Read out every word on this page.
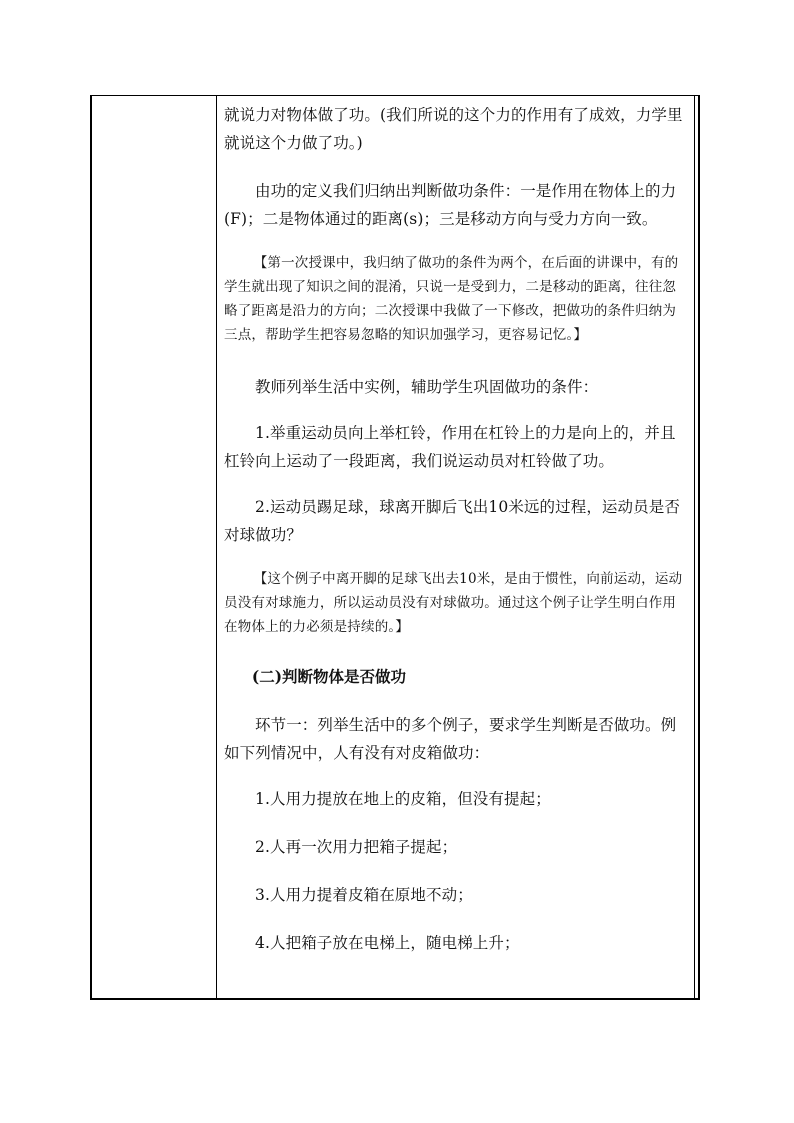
就说力对物体做了功。(我们所说的这个力的作用有了成效，力学里就说这个力做了功。)

由功的定义我们归纳出判断做功条件：一是作用在物体上的力(F)；二是物体通过的距离(s)；三是移动方向与受力方向一致。

【第一次授课中，我归纳了做功的条件为两个，在后面的讲课中，有的学生就出现了知识之间的混淆，只说一是受到力，二是移动的距离，往往忽略了距离是沿力的方向；二次授课中我做了一下修改，把做功的条件归纳为三点，帮助学生把容易忽略的知识加强学习，更容易记忆。】

教师列举生活中实例，辅助学生巩固做功的条件：

1.举重运动员向上举杠铃，作用在杠铃上的力是向上的，并且杠铃向上运动了一段距离，我们说运动员对杠铃做了功。

2.运动员踢足球，球离开脚后飞出10米远的过程，运动员是否对球做功？

【这个例子中离开脚的足球飞出去10米，是由于惯性，向前运动，运动员没有对球施力，所以运动员没有对球做功。通过这个例子让学生明白作用在物体上的力必须是持续的。】

(二)判断物体是否做功

环节一：列举生活中的多个例子，要求学生判断是否做功。例如下列情况中，人有没有对皮箱做功：

1.人用力提放在地上的皮箱，但没有提起；

2.人再一次用力把箱子提起；

3.人用力提着皮箱在原地不动；

4.人把箱子放在电梯上，随电梯上升；
